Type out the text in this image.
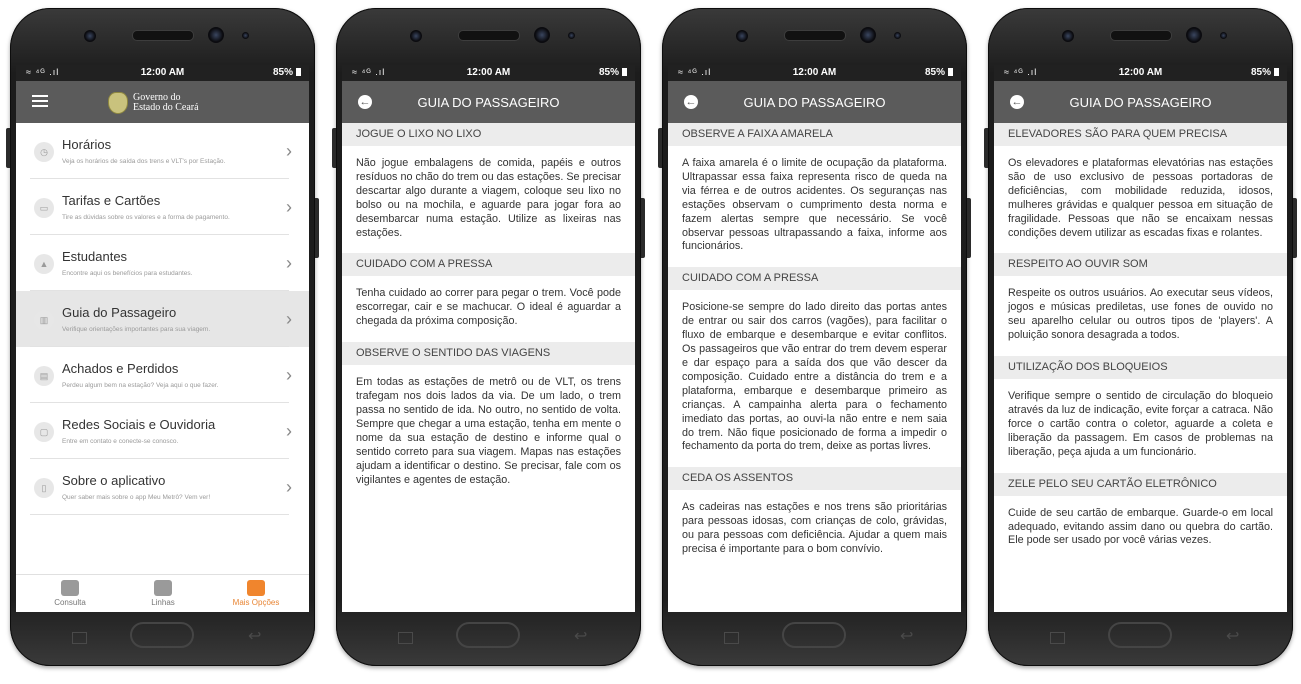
≈ ⁴ᴳ .ıl	12:00 AM	85%
Governo do
Estado do Ceará
◷	Horários
Veja os horários de saída dos trens e VLT's por Estação.
›
▭	Tarifas e Cartões
Tire as dúvidas sobre os valores e a forma de pagamento.
›
▲	Estudantes
Encontre aqui os benefícios para estudantes.
›
▥	Guia do Passageiro
Verifique orientações importantes para sua viagem.
›
▤	Achados e Perdidos
Perdeu algum bem na estação? Veja aqui o que fazer.
›
▢	Redes Sociais e Ouvidoria
Entre em contato e conecte-se conosco.
›
▯	Sobre o aplicativo
Quer saber mais sobre o app Meu Metrô? Vem ver!
›
Consulta	Linhas	Mais Opções
↩
≈ ⁴ᴳ .ıl	12:00 AM	85%
←	GUIA DO PASSAGEIRO
JOGUE O LIXO NO LIXO

Não jogue embalagens de comida, papéis e outros resíduos no chão do trem ou das estações. Se precisar descartar algo durante a viagem, coloque seu lixo no bolso ou na mochila, e aguarde para jogar fora ao desembarcar numa estação. Utilize as lixeiras nas estações.

CUIDADO COM A PRESSA

Tenha cuidado ao correr para pegar o trem. Você pode escorregar, cair e se machucar. O ideal é aguardar a chegada da próxima composição.

OBSERVE O SENTIDO DAS VIAGENS

Em todas as estações de metrô ou de VLT, os trens trafegam nos dois lados da via. De um lado, o trem passa no sentido de ida. No outro, no sentido de volta. Sempre que chegar a uma estação, tenha em mente o nome da sua estação de destino e informe qual o sentido correto para sua viagem. Mapas nas estações ajudam a identificar o destino. Se precisar, fale com os vigilantes e agentes de estação.

↩
≈ ⁴ᴳ .ıl	12:00 AM	85%
←	GUIA DO PASSAGEIRO
OBSERVE A FAIXA AMARELA

A faixa amarela é o limite de ocupação da plataforma. Ultrapassar essa faixa representa risco de queda na via férrea e de outros acidentes. Os seguranças nas estações observam o cumprimento desta norma e fazem alertas sempre que necessário. Se você observar pessoas ultrapassando a faixa, informe aos funcionários.

CUIDADO COM A PRESSA

Posicione-se sempre do lado direito das portas antes de entrar ou sair dos carros (vagões), para facilitar o fluxo de embarque e desembarque e evitar conflitos. Os passageiros que vão entrar do trem devem esperar e dar espaço para a saída dos que vão descer da composição. Cuidado entre a distância do trem e a plataforma, embarque e desembarque primeiro as crianças. A campainha alerta para o fechamento imediato das portas, ao ouvi-la não entre e nem saia do trem. Não fique posicionado de forma a impedir o fechamento da porta do trem, deixe as portas livres.

CEDA OS ASSENTOS

As cadeiras nas estações e nos trens são prioritárias para pessoas idosas, com crianças de colo, grávidas, ou para pessoas com deficiência. Ajudar a quem mais precisa é importante para o bom convívio.

↩
≈ ⁴ᴳ .ıl	12:00 AM	85%
←	GUIA DO PASSAGEIRO
ELEVADORES SÃO PARA QUEM PRECISA

Os elevadores e plataformas elevatórias nas estações são de uso exclusivo de pessoas portadoras de deficiências, com mobilidade reduzida, idosos, mulheres grávidas e qualquer pessoa em situação de fragilidade. Pessoas que não se encaixam nessas condições devem utilizar as escadas fixas e rolantes.

RESPEITO AO OUVIR SOM

Respeite os outros usuários. Ao executar seus vídeos, jogos e músicas prediletas, use fones de ouvido no seu aparelho celular ou outros tipos de 'players'. A poluição sonora desagrada a todos.

UTILIZAÇÃO DOS BLOQUEIOS

Verifique sempre o sentido de circulação do bloqueio através da luz de indicação, evite forçar a catraca. Não force o cartão contra o coletor, aguarde a coleta e liberação da passagem. Em casos de problemas na liberação, peça ajuda a um funcionário.

ZELE PELO SEU CARTÃO ELETRÔNICO

Cuide de seu cartão de embarque. Guarde-o em local adequado, evitando assim dano ou quebra do cartão. Ele pode ser usado por você várias vezes.

↩
